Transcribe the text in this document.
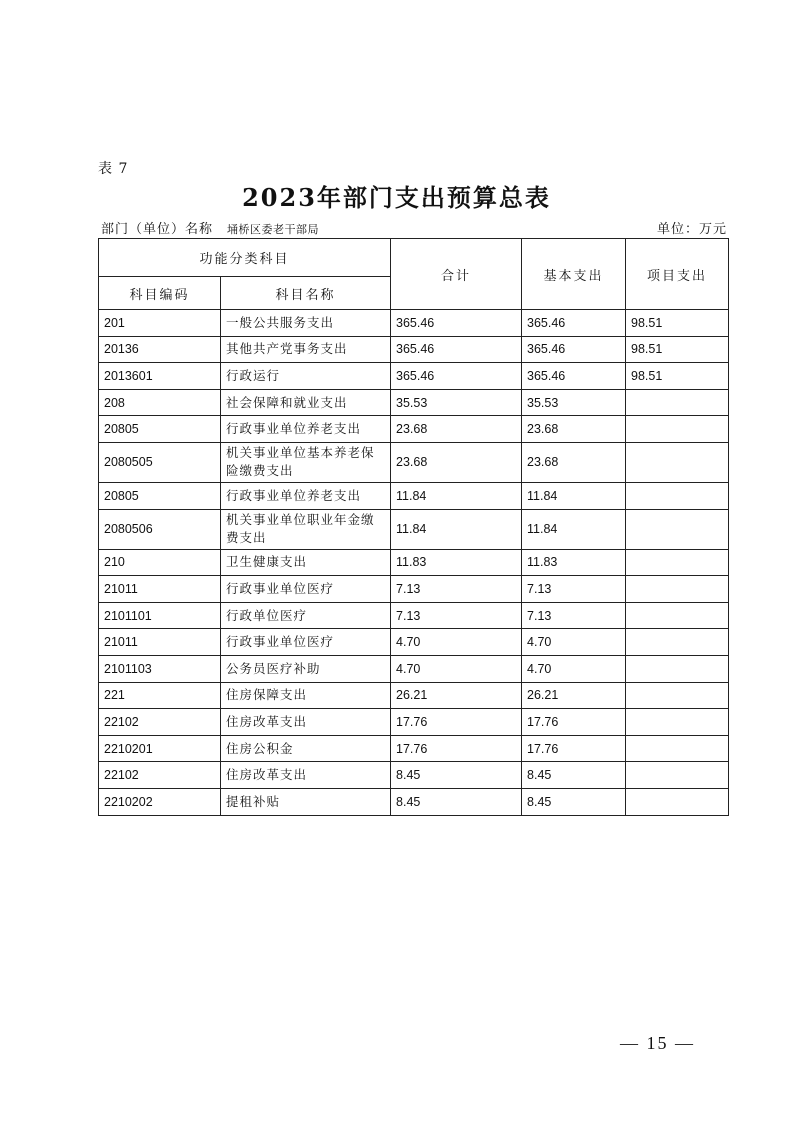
表 7
2023年部门支出预算总表
部门（单位）名称 埇桥区委老干部局	单位：万元
功能分类科目		合计	基本支出	项目支出
科目编码	科目名称			
201	一般公共服务支出	365.46	365.46	98.51
20136	其他共产党事务支出	365.46	365.46	98.51
2013601	行政运行	365.46	365.46	98.51
208	社会保障和就业支出	35.53	35.53	
20805	行政事业单位养老支出	23.68	23.68	
2080505	机关事业单位基本养老保险缴费支出	23.68	23.68	
20805	行政事业单位养老支出	11.84	11.84	
2080506	机关事业单位职业年金缴费支出	11.84	11.84	
210	卫生健康支出	11.83	11.83	
21011	行政事业单位医疗	7.13	7.13	
2101101	行政单位医疗	7.13	7.13	
21011	行政事业单位医疗	4.70	4.70	
2101103	公务员医疗补助	4.70	4.70	
221	住房保障支出	26.21	26.21	
22102	住房改革支出	17.76	17.76	
2210201	住房公积金	17.76	17.76	
22102	住房改革支出	8.45	8.45	
2210202	提租补贴	8.45	8.45	
— 15 —
